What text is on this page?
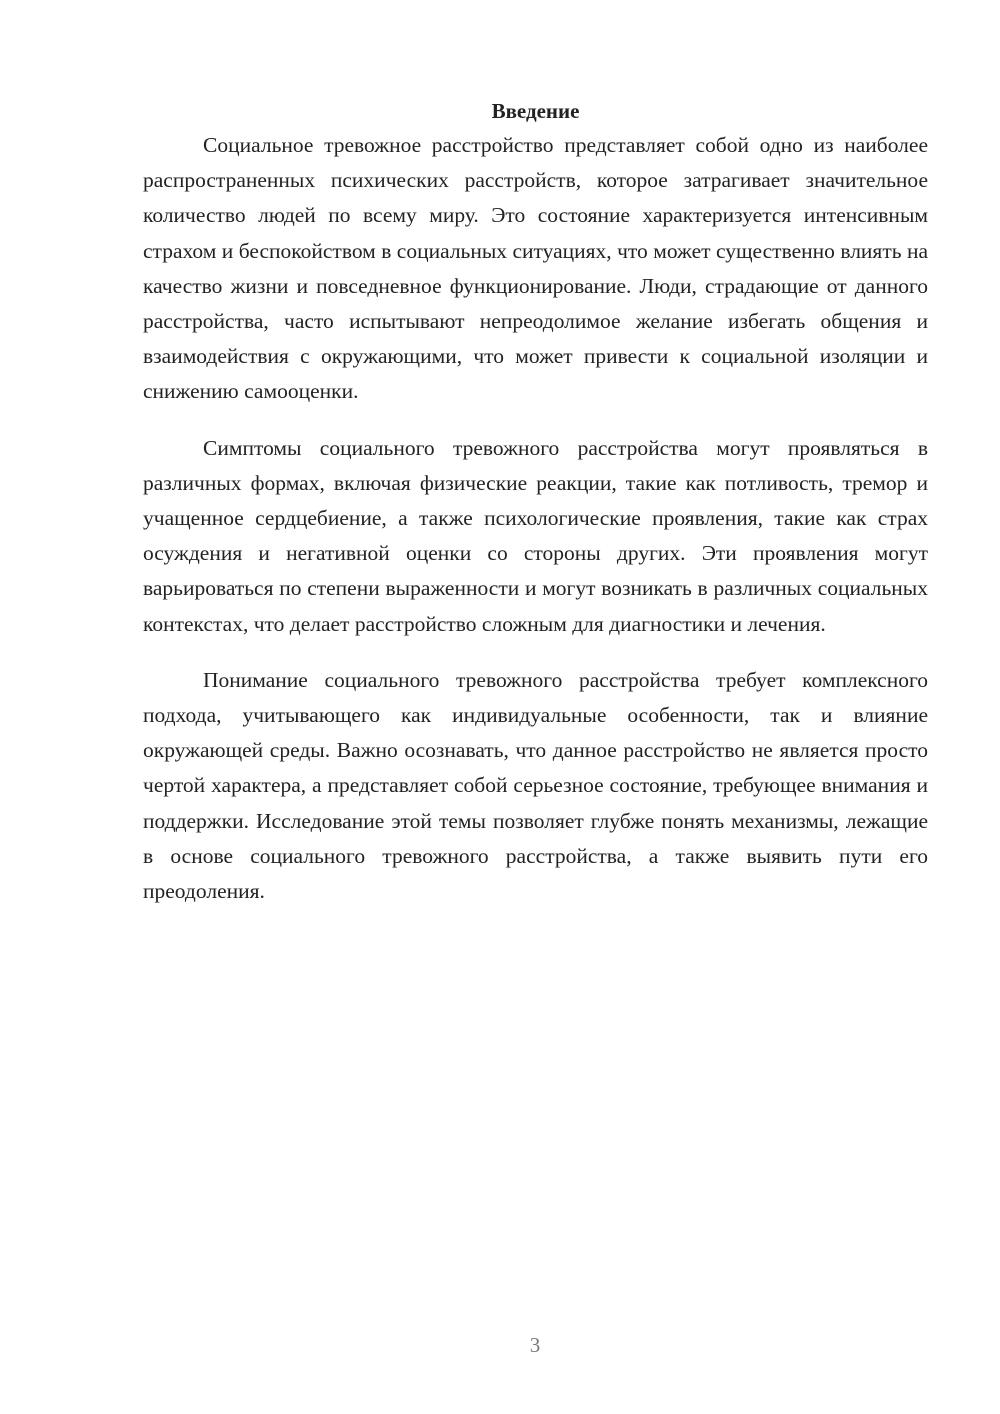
Введение

Социальное тревожное расстройство представляет собой одно из наиболее распространенных психических расстройств, которое затрагивает значительное количество людей по всему миру. Это состояние характеризуется интенсивным страхом и беспокойством в социальных ситуациях, что может существенно влиять на качество жизни и повседневное функционирование. Люди, страдающие от данного расстройства, часто испытывают непреодолимое желание избегать общения и взаимодействия с окружающими, что может привести к социальной изоляции и снижению самооценки.

Симптомы социального тревожного расстройства могут проявляться в различных формах, включая физические реакции, такие как потливость, тремор и учащенное сердцебиение, а также психологические проявления, такие как страх осуждения и негативной оценки со стороны других. Эти проявления могут варьироваться по степени выраженности и могут возникать в различных социальных контекстах, что делает расстройство сложным для диагностики и лечения.

Понимание социального тревожного расстройства требует комплексного подхода, учитывающего как индивидуальные особенности, так и влияние окружающей среды. Важно осознавать, что данное расстройство не является просто чертой характера, а представляет собой серьезное состояние, требующее внимания и поддержки. Исследование этой темы позволяет глубже понять механизмы, лежащие в основе социального тревожного расстройства, а также выявить пути его преодоления.

3
